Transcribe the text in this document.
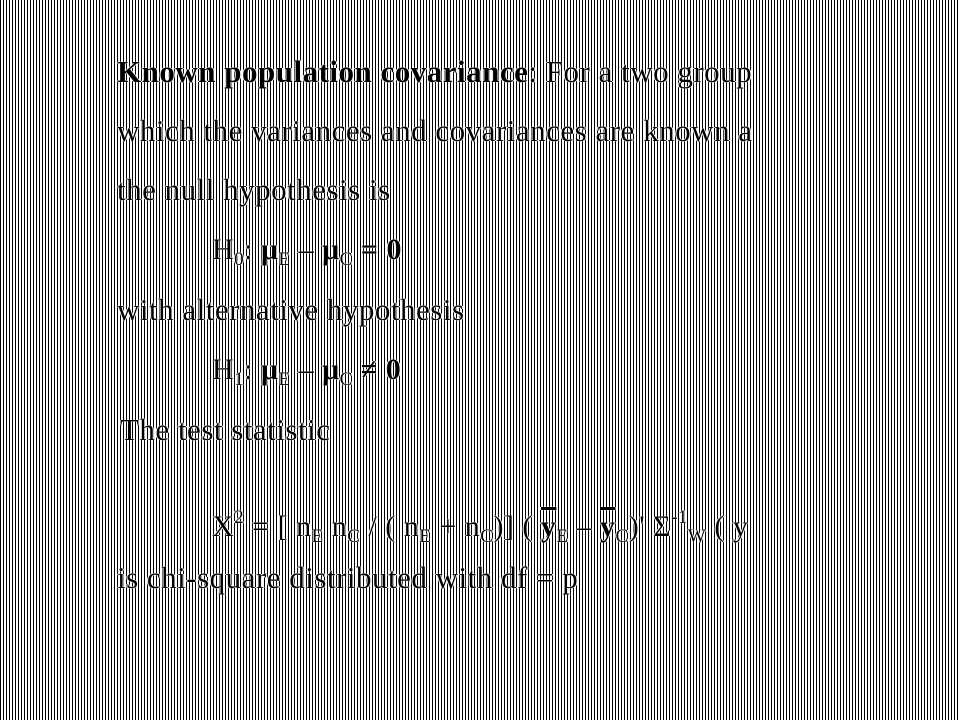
Known population covariance: For a two group
which the variances and covariances are known a
the null hypothesis is
$H_0$: $\mu_E - \mu_C = 0$
with alternative hypothesis
$H_1$: $\mu_E - \mu_C \ne 0$
The test statistic
$X^2$ = [ $n_E$ $n_C$ / ( $n_E + n_C$)] ( $\overline{y}_E - \overline{y}_C)'$ $\Sigma^{-1}_W$ ( y
is chi-square distributed with df = p
